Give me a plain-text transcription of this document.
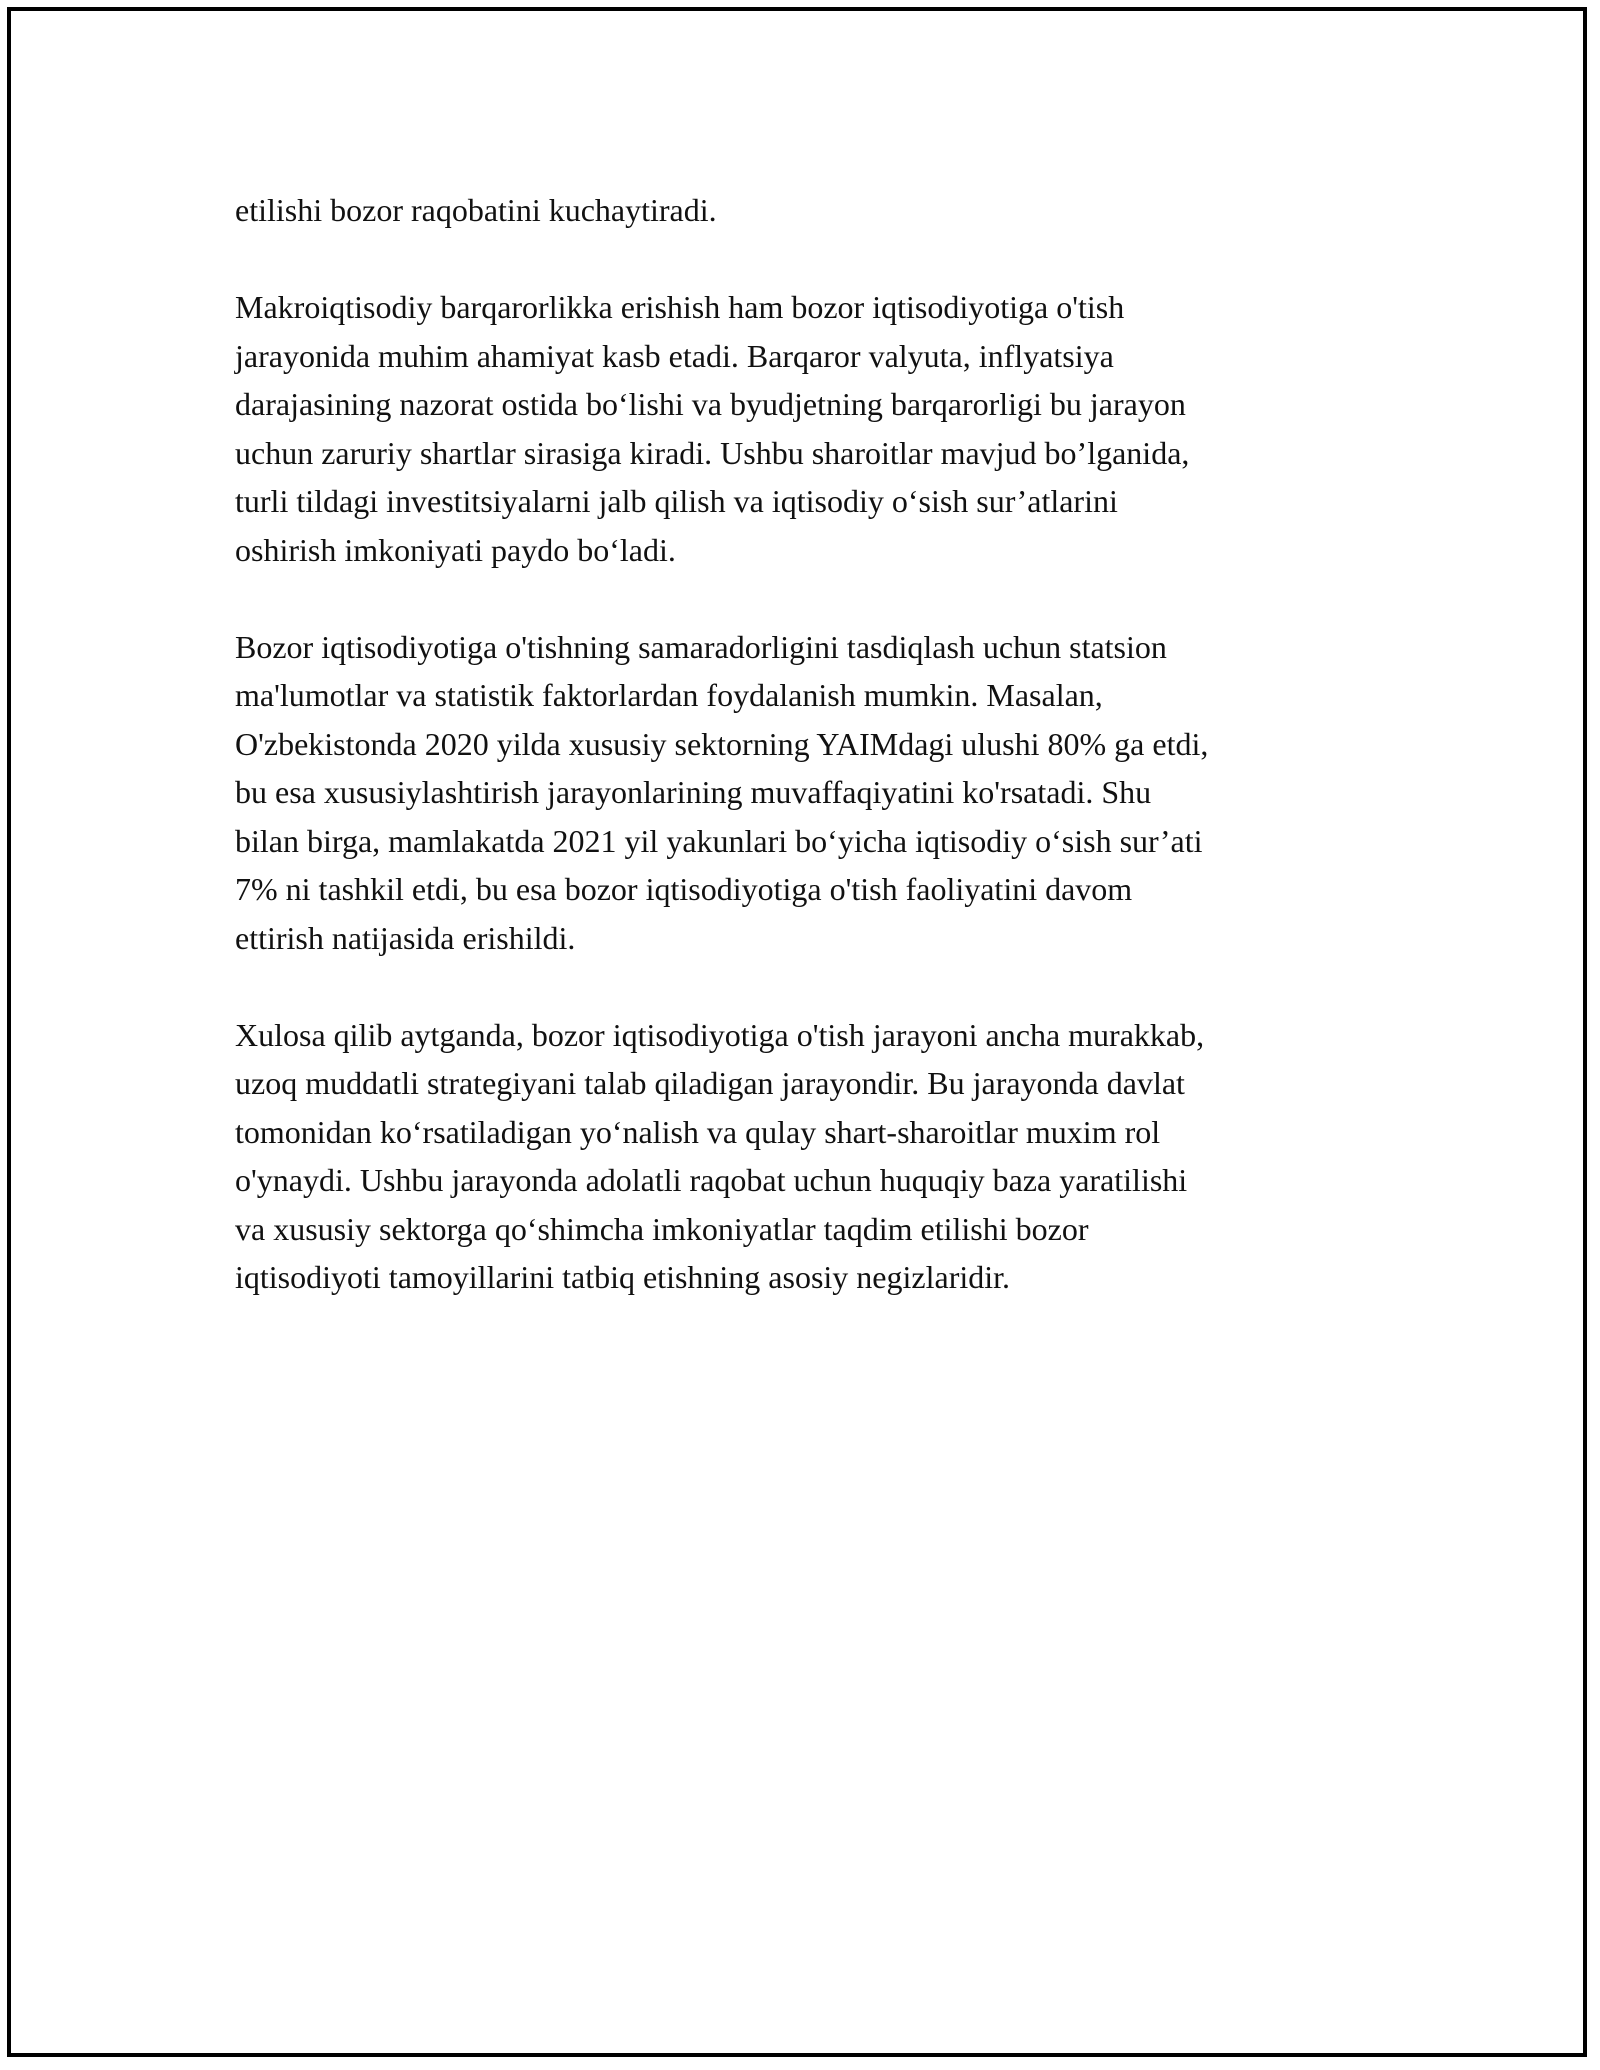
etilishi bozor raqobatini kuchaytiradi.

Makroiqtisodiy barqarorlikka erishish ham bozor iqtisodiyotiga o'tish
jarayonida muhim ahamiyat kasb etadi. Barqaror valyuta, inflyatsiya
darajasining nazorat ostida bo‘lishi va byudjetning barqarorligi bu jarayon
uchun zaruriy shartlar sirasiga kiradi. Ushbu sharoitlar mavjud bo’lganida,
turli tildagi investitsiyalarni jalb qilish va iqtisodiy o‘sish sur’atlarini
oshirish imkoniyati paydo bo‘ladi.

Bozor iqtisodiyotiga o'tishning samaradorligini tasdiqlash uchun statsion
ma'lumotlar va statistik faktorlardan foydalanish mumkin. Masalan,
O'zbekistonda 2020 yilda xususiy sektorning YAIMdagi ulushi 80% ga etdi,
bu esa xususiylashtirish jarayonlarining muvaffaqiyatini ko'rsatadi. Shu
bilan birga, mamlakatda 2021 yil yakunlari bo‘yicha iqtisodiy o‘sish sur’ati
7% ni tashkil etdi, bu esa bozor iqtisodiyotiga o'tish faoliyatini davom
ettirish natijasida erishildi.

Xulosa qilib aytganda, bozor iqtisodiyotiga o'tish jarayoni ancha murakkab,
uzoq muddatli strategiyani talab qiladigan jarayondir. Bu jarayonda davlat
tomonidan ko‘rsatiladigan yo‘nalish va qulay shart-sharoitlar muxim rol
o'ynaydi. Ushbu jarayonda adolatli raqobat uchun huquqiy baza yaratilishi
va xususiy sektorga qo‘shimcha imkoniyatlar taqdim etilishi bozor
iqtisodiyoti tamoyillarini tatbiq etishning asosiy negizlaridir.
